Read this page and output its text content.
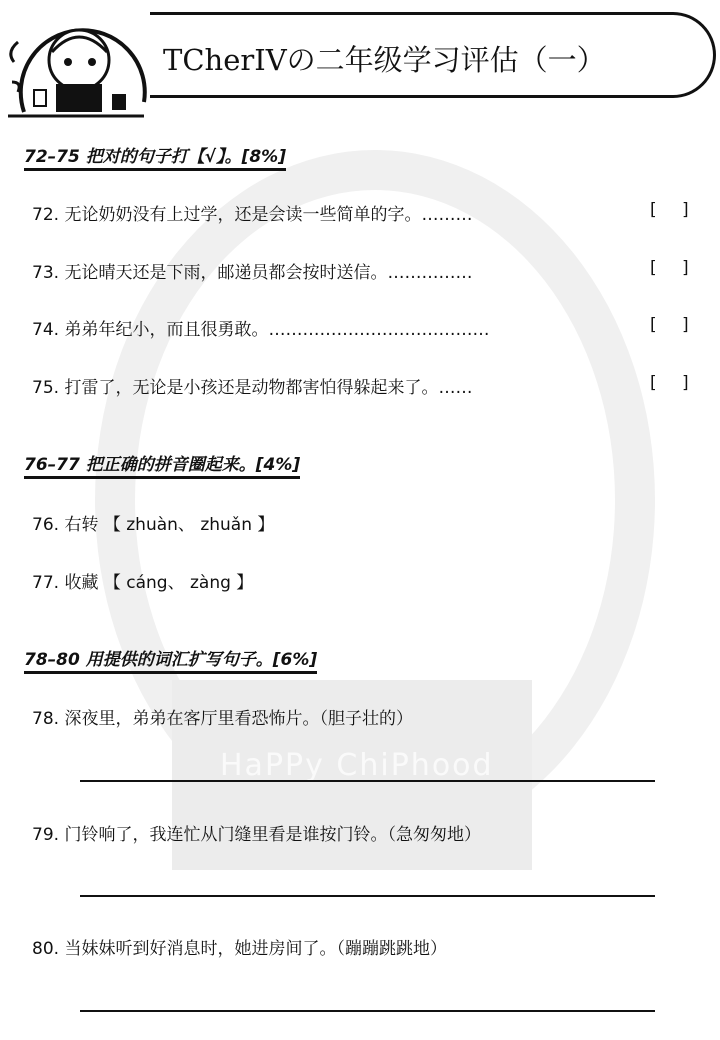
HaPPy ChiPhood
TCherIVの二年级学习评估（一）
72–75 把对的句子打【√】。[8%]
72. 无论奶奶没有上过学，还是会读一些简单的字。………	[ ]
73. 无论晴天还是下雨，邮递员都会按时送信。……………	[ ]
74. 弟弟年纪小，而且很勇敢。…………………………………	[ ]
75. 打雷了，无论是小孩还是动物都害怕得躲起来了。……	[ ]
76–77 把正确的拼音圈起来。[4%]
76. 右转 【 zhuàn、 zhuǎn 】
77. 收藏 【 cáng、 zàng 】
78–80 用提供的词汇扩写句子。[6%]
78. 深夜里，弟弟在客厅里看恐怖片。（胆子壮的）
79. 门铃响了，我连忙从门缝里看是谁按门铃。（急匆匆地）
80. 当妹妹听到好消息时，她进房间了。（蹦蹦跳跳地）
